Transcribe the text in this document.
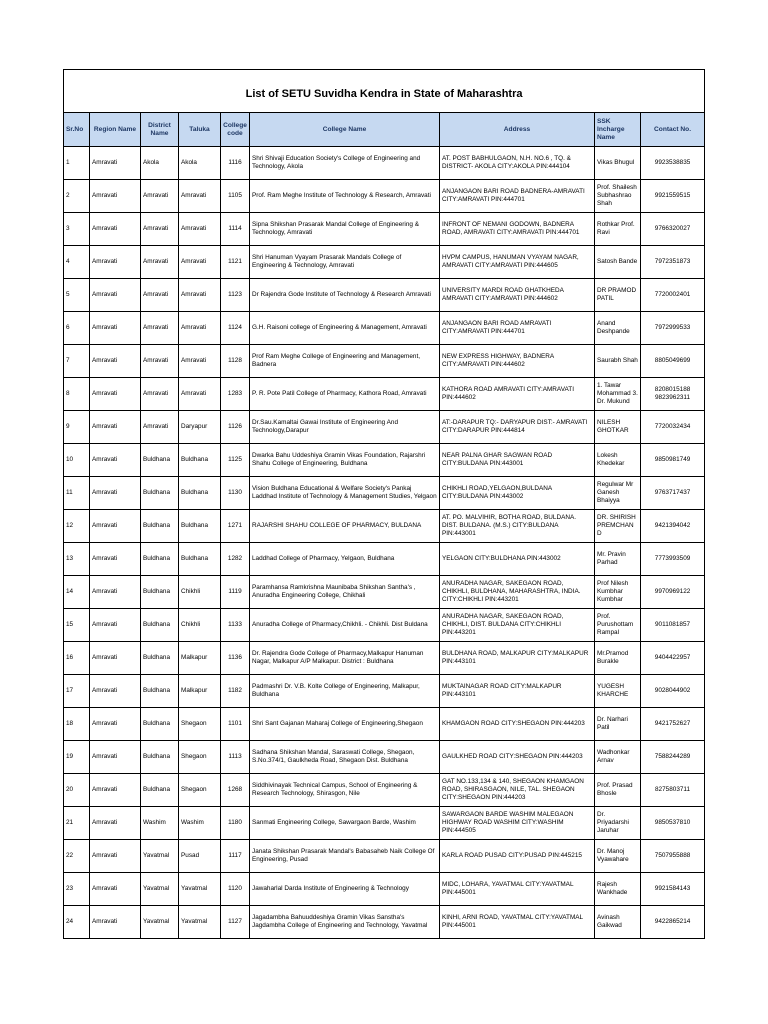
List of SETU Suvidha Kendra in State of Maharashtra								
Sr.No	Region Name	District Name	Taluka	College code	College Name	Address	SSK Incharge Name	Contact No.

1	Amravati	Akola	Akola	1116	Shri Shivaji Education Society's College of Engineering and Technology, Akola	AT. POST BABHULGAON, N.H. NO.6 , TQ. & DISTRICT- AKOLA CITY:AKOLA PIN:444104	Vikas Bhugul	9923538835

2	Amravati	Amravati	Amravati	1105	Prof. Ram Meghe Institute of Technology & Research, Amravati	ANJANGAON BARI ROAD BADNERA-AMRAVATI CITY:AMRAVATI PIN:444701	Prof. Shailesh Subhashrao Shah	9921559515

3	Amravati	Amravati	Amravati	1114	Sipna Shikshan Prasarak Mandal College of Engineering & Technology, Amravati	INFRONT OF NEMANI GODOWN, BADNERA ROAD, AMRAVATI CITY:AMRAVATI PIN:444701	Rothkar Prof. Ravi	9766320027

4	Amravati	Amravati	Amravati	1121	Shri Hanuman Vyayam Prasarak Mandals College of Engineering & Technology, Amravati	HVPM CAMPUS, HANUMAN VYAYAM NAGAR, AMRAVATI CITY:AMRAVATI PIN:444605	Satosh Bande	7972351873

5	Amravati	Amravati	Amravati	1123	Dr Rajendra Gode Institute of Technology & Research Amravati	UNIVERSITY MARDI ROAD GHATKHEDA AMRAVATI CITY:AMRAVATI PIN:444602	DR PRAMOD PATIL	7720002401

6	Amravati	Amravati	Amravati	1124	G.H. Raisoni college of Engineering & Management, Amravati	ANJANGAON BARI ROAD AMRAVATI CITY:AMRAVATI PIN:444701	Anand Deshpande	7972999533

7	Amravati	Amravati	Amravati	1128	Prof Ram Meghe College of Engineering and Management, Badnera	NEW EXPRESS HIGHWAY, BADNERA CITY:AMRAVATI PIN:444602	Saurabh Shah	8805049699

8	Amravati	Amravati	Amravati	1283	P. R. Pote Patil College of Pharmacy, Kathora Road, Amravati	KATHORA ROAD AMRAVATI CITY:AMRAVATI PIN:444602	1. Tawar Mohammad 3. Dr. Mukund	8208015188 9823962311

9	Amravati	Amravati	Daryapur	1126	Dr.Sau.Kamaltai Gawai Institute of Engineering And Technology,Darapur	AT:-DARAPUR TQ:- DARYAPUR DIST:- AMRAVATI CITY:DARAPUR PIN:444814	NILESH GHOTKAR	7720032434

10	Amravati	Buldhana	Buldhana	1125	Dwarka Bahu Uddeshiya Gramin Vikas Foundation, Rajarshri Shahu College of Engineering, Buldhana	NEAR PALNA GHAR SAGWAN ROAD CITY:BULDANA PIN:443001	Lokesh Khedekar	9850981749

11	Amravati	Buldhana	Buldhana	1130	Vision Buldhana Educational & Welfare Society's Pankaj Laddhad Institute of Technology & Management Studies, Yelgaon	CHIKHLI ROAD,YELGAON,BULDANA CITY:BULDANA PIN:443002	Regulwar Mr Ganesh Bhaiyya	9763717437

12	Amravati	Buldhana	Buldhana	1271	RAJARSHI SHAHU COLLEGE OF PHARMACY, BULDANA	AT. PO. MALVIHIR, BOTHA ROAD, BULDANA. DIST. BULDANA. (M.S.) CITY:BULDANA PIN:443001	DR. SHIRISH PREMCHAN D	9421394042

13	Amravati	Buldhana	Buldhana	1282	Laddhad College of Pharmacy, Yelgaon, Buldhana	YELGAON CITY:BULDHANA PIN:443002	Mr. Pravin Parhad	7773993509

14	Amravati	Buldhana	Chikhli	1119	Paramhansa Ramkrishna Maunibaba Shikshan Santha's , Anuradha Engineering College, Chikhali	ANURADHA NAGAR, SAKEGAON ROAD, CHIKHLI, BULDHANA, MAHARASHTRA, INDIA. CITY:CHIKHLI PIN:443201	Prof Nilesh Kumbhar Kumbhar	9970969122

15	Amravati	Buldhana	Chikhli	1133	Anuradha College of Pharmacy,Chikhli. - Chikhli. Dist Buldana	ANURADHA NAGAR, SAKEGAON ROAD, CHIKHLI, DIST. BULDANA CITY:CHIKHLI PIN:443201	Prof. Purushottam Rampal	9011081857

16	Amravati	Buldhana	Malkapur	1136	Dr. Rajendra Gode College of Pharmacy,Malkapur Hanuman Nagar, Malkapur A/P Malkapur. District : Buldhana	BULDHANA ROAD, MALKAPUR CITY:MALKAPUR PIN:443101	Mr.Pramod Burakle	9404422957

17	Amravati	Buldhana	Malkapur	1182	Padmashri Dr. V.B. Kolte College of Engineering, Malkapur, Buldhana	MUKTAINAGAR ROAD CITY:MALKAPUR PIN:443101	YUGESH KHARCHE	9028044902

18	Amravati	Buldhana	Shegaon	1101	Shri Sant Gajanan Maharaj College of Engineering,Shegaon	KHAMGAON ROAD CITY:SHEGAON PIN:444203	Dr. Narhari Patil	9421752627

19	Amravati	Buldhana	Shegaon	1113	Sadhana Shikshan Mandal, Saraswati College, Shegaon, S.No.374/1, Gaulkheda Road, Shegaon Dist. Buldhana	GAULKHED ROAD CITY:SHEGAON PIN:444203	Wadhonkar Arnav	7588244289

20	Amravati	Buldhana	Shegaon	1268	Siddhivinayak Technical Campus, School of Engineering & Research Technology, Shirasgon, Nile	GAT NO.133,134 & 140, SHEGAON KHAMGAON ROAD, SHIRASGAON, NILE, TAL. SHEGAON CITY:SHEGAON PIN:444203	Prof. Prasad Bhosle	8275803711

21	Amravati	Washim	Washim	1180	Sanmati Engineering College, Sawargaon Barde, Washim	SAWARGAON BARDE WASHIM MALEGAON HIGHWAY ROAD WASHIM CITY:WASHIM PIN:444505	Dr. Priyadarshi Jaruhar	9850537810

22	Amravati	Yavatmal	Pusad	1117	Janata Shikshan Prasarak Mandal's Babasaheb Naik College Of Engineering, Pusad	KARLA ROAD PUSAD CITY:PUSAD PIN:445215	Dr. Manoj Vyawahare	7507955888

23	Amravati	Yavatmal	Yavatmal	1120	Jawaharlal Darda Institute of Engineering & Technology	MIDC, LOHARA, YAVATMAL CITY:YAVATMAL PIN:445001	Rajesh Wankhade	9921584143

24	Amravati	Yavatmal	Yavatmal	1127	Jagadambha Bahuuddeshiya Gramin Vikas Sanstha's Jagdambha College of Engineering and Technology, Yavatmal	KINHI, ARNI ROAD, YAVATMAL CITY:YAVATMAL PIN:445001	Avinash Gaikwad	9422865214
